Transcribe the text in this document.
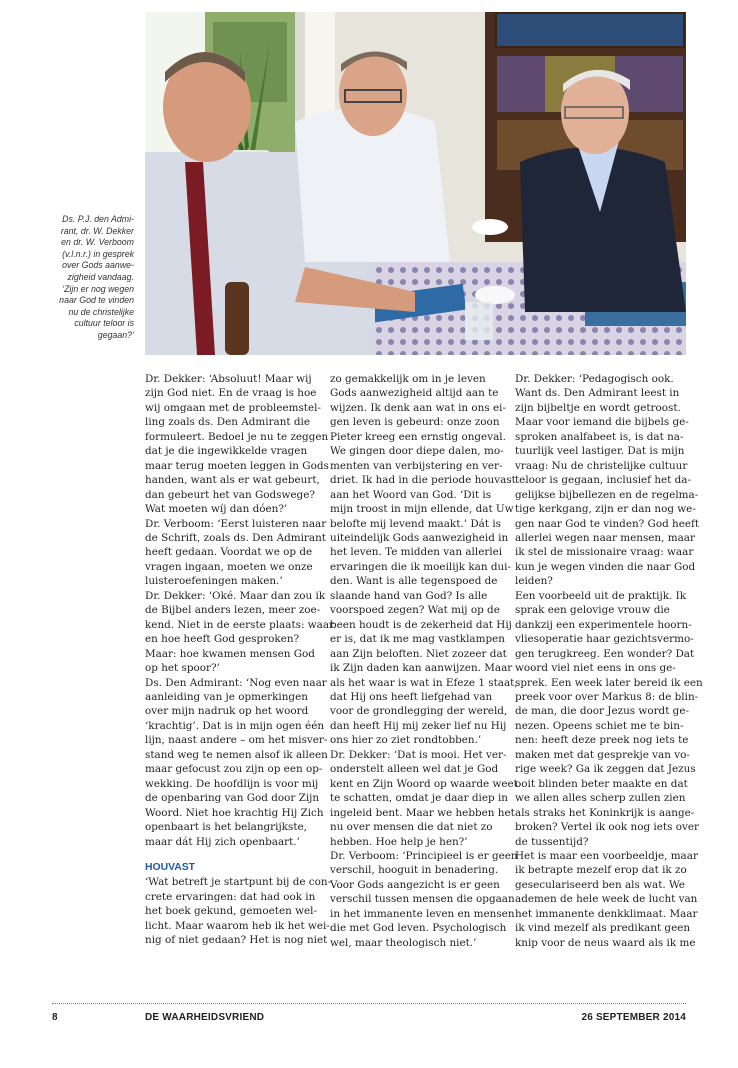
Ds. P.J. den Admi-
rant, dr. W. Dekker
en dr. W. Verboom
(v.l.n.r.) in gesprek
over Gods aanwe-
zigheid vandaag.
‘Zijn er nog wegen
naar God te vinden
nu de christelijke
cultuur teloor is
gegaan?’
Dr. Dekker: ‘Absoluut! Maar wij
zijn God niet. En de vraag is hoe
wij omgaan met de probleemstel-
ling zoals ds. Den Admirant die
formuleert. Bedoel je nu te zeggen
dat je die ingewikkelde vragen
maar terug moeten leggen in Gods
handen, want als er wat gebeurt,
dan gebeurt het van Godswege?
Wat moeten wíj dan dóen?’
Dr. Verboom: ‘Eerst luisteren naar
de Schrift, zoals ds. Den Admirant
heeft gedaan. Voordat we op de
vragen ingaan, moeten we onze
luisteroefeningen maken.’
Dr. Dekker: ‘Oké. Maar dan zou ik
de Bijbel anders lezen, meer zoe-
kend. Niet in de eerste plaats: waar
en hoe heeft God gesproken?
Maar: hoe kwamen mensen God
op het spoor?’
Ds. Den Admirant: ‘Nog even naar
aanleiding van je opmerkingen
over mijn nadruk op het woord
‘krachtig’. Dat is in mijn ogen één
lijn, naast andere – om het misver-
stand weg te nemen alsof ik alleen
maar gefocust zou zijn op een op-
wekking. De hoofdlijn is voor mij
de openbaring van God door Zijn
Woord. Niet hoe krachtig Hij Zich
openbaart is het belangrijkste,
maar dát Hij zich openbaart.’
HOUVAST
‘Wat betreft je startpunt bij de con-
crete ervaringen: dat had ook in
het boek gekund, gemoeten wel-
licht. Maar waarom heb ik het wei-
nig of niet gedaan? Het is nog niet
zo gemakkelijk om in je leven
Gods aanwezigheid altijd aan te
wijzen. Ik denk aan wat in ons ei-
gen leven is gebeurd: onze zoon
Pieter kreeg een ernstig ongeval.
We gingen door diepe dalen, mo-
menten van verbijstering en ver-
driet. Ik had in die periode houvast
aan het Woord van God. ‘Dit is
mijn troost in mijn ellende, dat Uw
belofte mij levend maakt.’ Dát is
uiteindelijk Gods aanwezigheid in
het leven. Te midden van allerlei
ervaringen die ik moeilijk kan dui-
den. Want is alle tegenspoed de
slaande hand van God? Is alle
voorspoed zegen? Wat mij op de
been houdt is de zekerheid dat Hij
er is, dat ik me mag vastklampen
aan Zijn beloften. Niet zozeer dat
ik Zijn daden kan aanwijzen. Maar
als het waar is wat in Efeze 1 staat,
dat Hij ons heeft liefgehad van
voor de grondlegging der wereld,
dan heeft Hij mij zeker lief nu Hij
ons hier zo ziet rondtobben.’
Dr. Dekker: ‘Dat is mooi. Het ver-
onderstelt alleen wel dat je God
kent en Zijn Woord op waarde weet
te schatten, omdat je daar diep in
ingeleid bent. Maar we hebben het
nu over mensen die dat niet zo
hebben. Hoe help je hen?’
Dr. Verboom: ‘Principieel is er geen
verschil, hooguit in benadering.
Voor Gods aangezicht is er geen
verschil tussen mensen die opgaan
in het immanente leven en mensen
die met God leven. Psychologisch
wel, maar theologisch niet.’
Dr. Dekker: ‘Pedagogisch ook.
Want ds. Den Admirant leest in
zijn bijbeltje en wordt getroost.
Maar voor iemand die bijbels ge-
sproken analfabeet is, is dat na-
tuurlijk veel lastiger. Dat is mijn
vraag: Nu de christelijke cultuur
teloor is gegaan, inclusief het da-
gelijkse bijbellezen en de regelma-
tige kerkgang, zijn er dan nog we-
gen naar God te vinden? God heeft
allerlei wegen naar mensen, maar
ik stel de missionaire vraag: waar
kun je wegen vinden die naar God
leiden?
Een voorbeeld uit de praktijk. Ik
sprak een gelovige vrouw die
dankzij een experimentele hoorn-
vliesoperatie haar gezichtsvermo-
gen terugkreeg. Een wonder? Dat
woord viel niet eens in ons ge-
sprek. Een week later bereid ik een
preek voor over Markus 8: de blin-
de man, die door Jezus wordt ge-
nezen. Opeens schiet me te bin-
nen: heeft deze preek nog iets te
maken met dat gesprekje van vo-
rige week? Ga ik zeggen dat Jezus
ooit blinden beter maakte en dat
we allen alles scherp zullen zien
als straks het Koninkrijk is aange-
broken? Vertel ik ook nog iets over
de tussentijd?
Het is maar een voorbeeldje, maar
ik betrapte mezelf erop dat ik zo
geseculariseerd ben als wat. We
ademen de hele week de lucht van
het immanente denkklimaat. Maar
ik vind mezelf als predikant geen
knip voor de neus waard als ik me
8	DE WAARHEIDSVRIEND	26 SEPTEMBER 2014
